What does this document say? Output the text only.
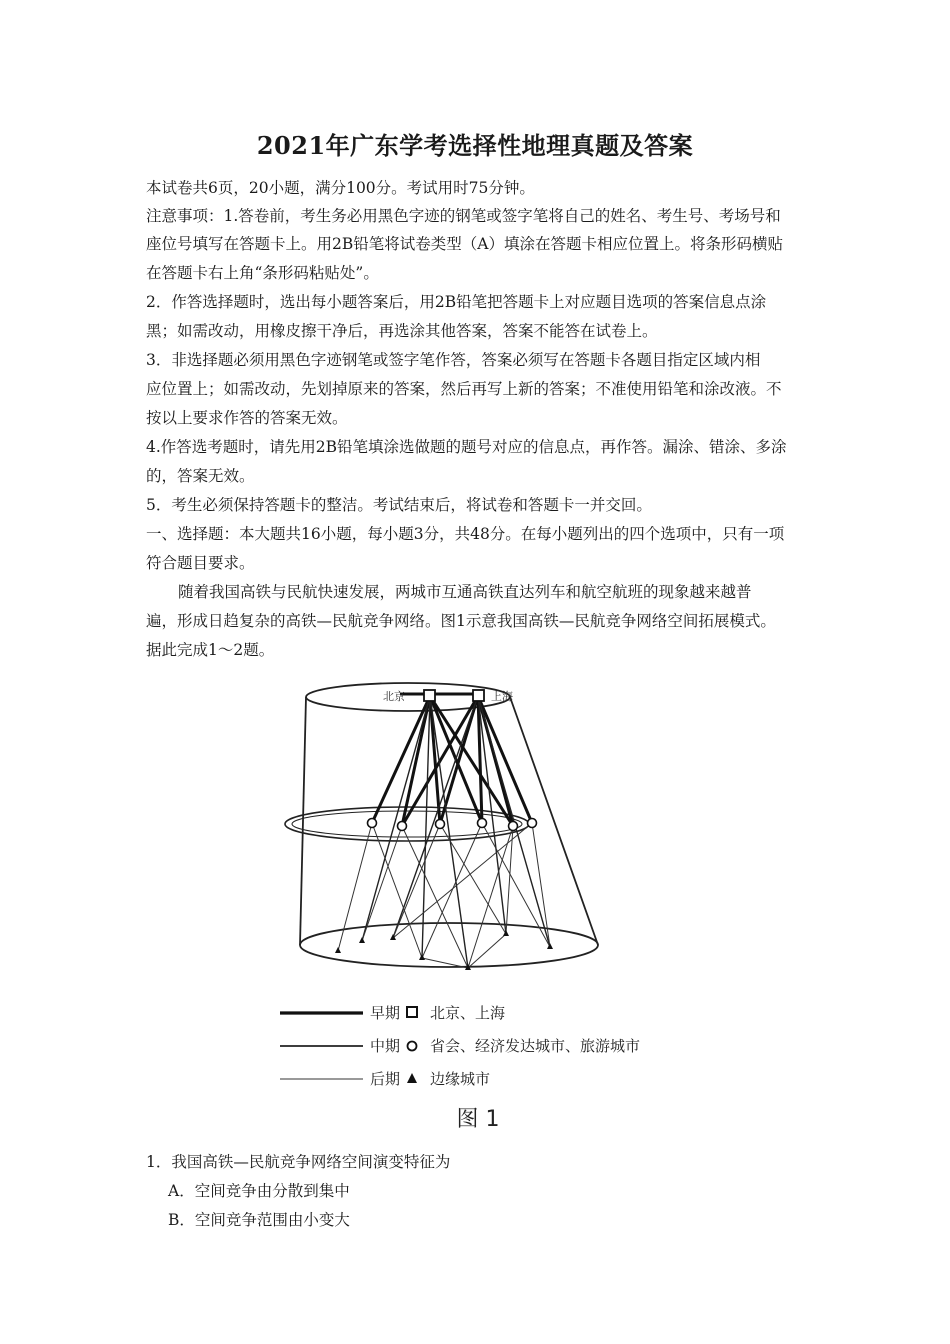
2021年广东学考选择性地理真题及答案
本试卷共6页，20小题，满分100分。考试用时75分钟。
注意事项：1.答卷前，考生务必用黑色字迹的钢笔或签字笔将自己的姓名、考生号、考场号和
座位号填写在答题卡上。用2B铅笔将试卷类型（A）填涂在答题卡相应位置上。将条形码横贴
在答题卡右上角“条形码粘贴处”。
2．作答选择题时，选出每小题答案后，用2B铅笔把答题卡上对应题目选项的答案信息点涂
黑；如需改动，用橡皮擦干净后，再选涂其他答案，答案不能答在试卷上。
3．非选择题必须用黑色字迹钢笔或签字笔作答，答案必须写在答题卡各题目指定区域内相
应位置上；如需改动，先划掉原来的答案，然后再写上新的答案；不准使用铅笔和涂改液。不
按以上要求作答的答案无效。
4.作答选考题时，请先用2B铅笔填涂选做题的题号对应的信息点，再作答。漏涂、错涂、多涂
的，答案无效。
5．考生必须保持答题卡的整洁。考试结束后，将试卷和答题卡一并交回。
一、选择题：本大题共16小题，每小题3分，共48分。在每小题列出的四个选项中，只有一项
符合题目要求。
随着我国高铁与民航快速发展，两城市互通高铁直达列车和航空航班的现象越来越普
遍，形成日趋复杂的高铁—民航竞争网络。图1示意我国高铁—民航竞争网络空间拓展模式。
据此完成1～2题。
北京	上海
早期 北京、上海
中期 省会、经济发达城市、旅游城市
后期 边缘城市
图 1
1．我国高铁—民航竞争网络空间演变特征为
A．空间竞争由分散到集中
B．空间竞争范围由小变大
